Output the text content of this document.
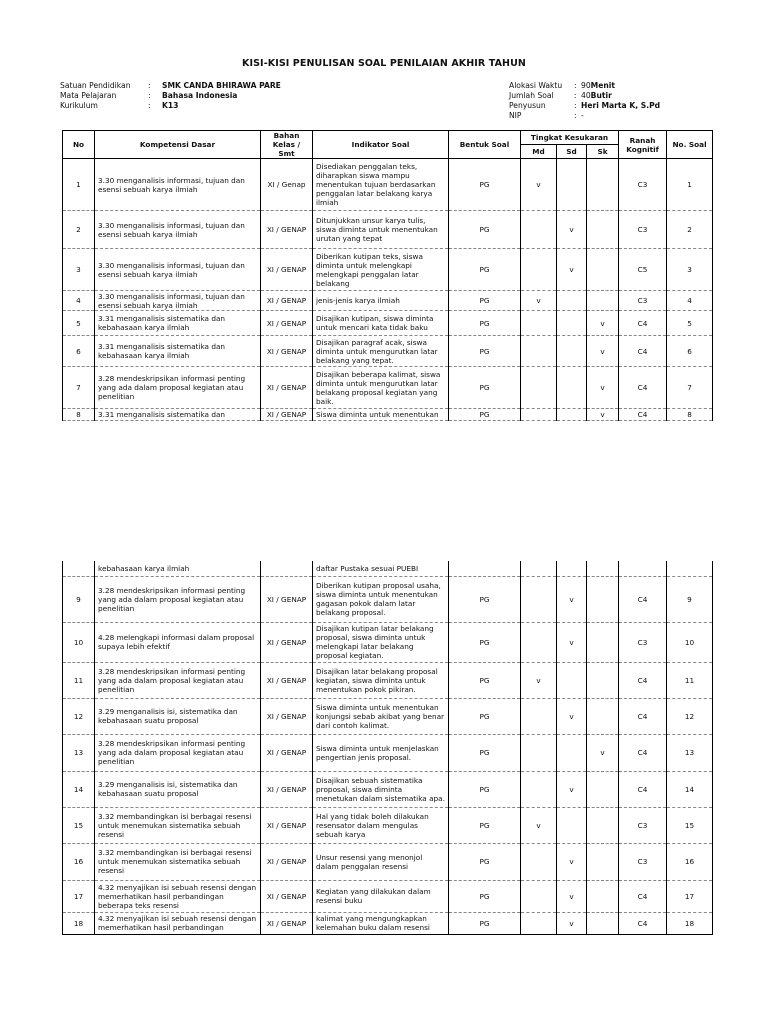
KISI-KISI PENULISAN SOAL PENILAIAN AKHIR TAHUN
Satuan Pendidikan	:	SMK CANDA BHIRAWA PARE
Mata Pelajaran	:	Bahasa Indonesia
Kurikulum	:	K13
Alokasi Waktu	: 90 Menit
Jumlah Soal	: 40 Butir
Penyusun	: Heri Marta K, S.Pd
NIP	: -
No	Kompetensi Dasar	Bahan Kelas / Smt	Indikator Soal	Bentuk Soal	Tingkat Kesukaran			Ranah Kognitif	No. Soal
					Md	Sd	Sk		
1	3.30 menganalisis informasi, tujuan dan esensi sebuah karya ilmiah	XI / Genap	Disediakan penggalan teks, diharapkan siswa mampu menentukan tujuan berdasarkan penggalan latar belakang karya ilmiah	PG	v			C3	1
2	3.30 menganalisis informasi, tujuan dan esensi sebuah karya ilmiah	XI / GENAP	Ditunjukkan unsur karya tulis, siswa diminta untuk menentukan urutan yang tepat	PG		v		C3	2
3	3.30 menganalisis informasi, tujuan dan esensi sebuah karya ilmiah	XI / GENAP	Diberikan kutipan teks, siswa diminta untuk melengkapi melengkapi penggalan latar belakang	PG		v		C5	3
4	3.30 menganalisis informasi, tujuan dan esensi sebuah karya ilmiah	XI / GENAP	jenis-jenis karya ilmiah	PG	v			C3	4
5	3.31 menganalisis sistematika dan kebahasaan karya ilmiah	XI / GENAP	Disajikan kutipan, siswa diminta untuk mencari kata tidak baku	PG			v	C4	5
6	3.31 menganalisis sistematika dan kebahasaan karya ilmiah	XI / GENAP	Disajikan paragraf acak, siswa diminta untuk mengurutkan latar belakang yang tepat.	PG			v	C4	6
7	3.28 mendeskripsikan informasi penting yang ada dalam proposal kegiatan atau penelitian	XI / GENAP	Disajikan beberapa kalimat, siswa diminta untuk mengurutkan latar belakang proposal kegiatan yang baik.	PG			v	C4	7
8	3.31 menganalisis sistematika dan	XI / GENAP	Siswa diminta untuk menentukan	PG			v	C4	8
	kebahasaan karya ilmiah		daftar Pustaka sesuai PUEBI						
9	3.28 mendeskripsikan informasi penting yang ada dalam proposal kegiatan atau penelitian	XI / GENAP	Diberikan kutipan proposal usaha, siswa diminta untuk menentukan gagasan pokok dalam latar belakang proposal.	PG		v		C4	9
10	4.28 melengkapi informasi dalam proposal supaya lebih efektif	XI / GENAP	Disajikan kutipan latar belakang proposal, siswa diminta untuk melengkapi latar belakang proposal kegiatan.	PG		v		C3	10
11	3.28 mendeskripsikan informasi penting yang ada dalam proposal kegiatan atau penelitian	XI / GENAP	Disajikan latar belakang proposal kegiatan, siswa diminta untuk menentukan pokok pikiran.	PG	v			C4	11
12	3.29 menganalisis isi, sistematika dan kebahasaan suatu proposal	XI / GENAP	Siswa diminta untuk menentukan konjungsi sebab akibat yang benar dari contoh kalimat.	PG		v		C4	12
13	3.28 mendeskripsikan informasi penting yang ada dalam proposal kegiatan atau penelitian	XI / GENAP	Siswa diminta untuk menjelaskan pengertian jenis proposal.	PG			v	C4	13
14	3.29 menganalisis isi, sistematika dan kebahasaan suatu proposal	XI / GENAP	Disajikan sebuah sistematika proposal, siswa diminta menetukan dalam sistematika apa.	PG		v		C4	14
15	3.32 membandingkan isi berbagai resensi untuk menemukan sistematika sebuah resensi	XI / GENAP	Hal yang tidak boleh dilakukan resensator dalam mengulas sebuah karya	PG	v			C3	15
16	3.32 membandingkan isi berbagai resensi untuk menemukan sistematika sebuah resensi	XI / GENAP	Unsur resensi yang menonjol dalam penggalan resensi	PG		v		C3	16
17	4.32 menyajikan isi sebuah resensi dengan memerhatikan hasil perbandingan beberapa teks resensi	XI / GENAP	Kegiatan yang dilakukan dalam resensi buku	PG		v		C4	17
18	4.32 menyajikan isi sebuah resensi dengan memerhatikan hasil perbandingan	XI / GENAP	kalimat yang mengungkapkan kelemahan buku dalam resensi	PG		v		C4	18
